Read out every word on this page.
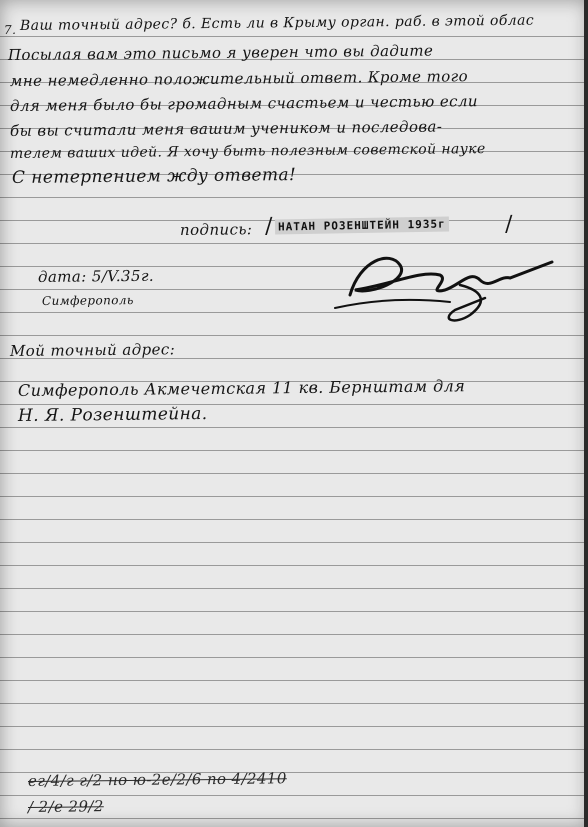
7. Ваш точный адрес? б. Есть ли в Крыму орган. раб. в этой облас
Посылая вам это письмо я уверен что вы дадите
мне немедленно положительный ответ. Кроме того
для меня было бы громадным счастьем и честью если
бы вы считали меня вашим учеником и последова-
телем ваших идей. Я хочу быть полезным советской науке
С нетерпением жду ответа!
подпись: / НАТАН РОЗЕНШТЕЙН 1935г	/
дата: 5/V.35г.
Симферополь
Мой точный адрес:
Симферополь Акмечетская 11 кв. Бернштам для
Н. Я. Розенштейна.
ег/4/г г/2 но ю-2е/2/6 по 4/2410
/ 2/е 29/2
